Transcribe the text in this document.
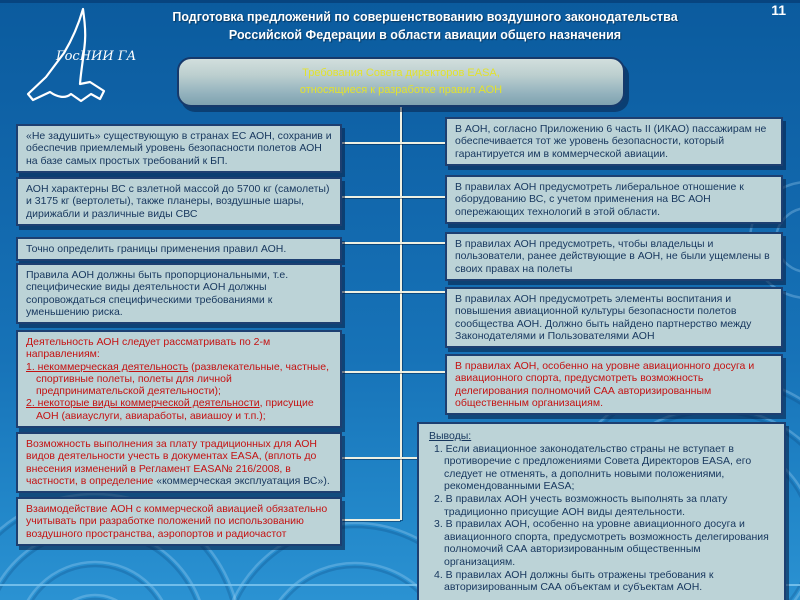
11
Подготовка предложений по совершенствованию воздушного законодательства
Российской Федерации в области авиации общего назначения
ГосНИИ ГА
Требования Совета директоров EASA,
относящиеся к разработке правил АОН
«Не задушить» существующую в странах ЕС АОН, сохранив и обеспечив приемлемый уровень безопасности полетов АОН на базе самых простых требований к БП.
АОН характерны ВС с взлетной массой до 5700 кг (самолеты) и 3175 кг (вертолеты), также планеры, воздушные шары, дирижабли и различные виды СВС
Точно определить границы применения правил АОН.
Правила АОН должны быть пропорциональными, т.е. специфические виды деятельности АОН должны сопровождаться специфическими требованиями к уменьшению риска.
Деятельность АОН следует рассматривать по 2-м направлениям:
1. некоммерческая деятельность (развлекательные, частные, спортивные полеты, полеты для личной предпринимательской деятельности);
2. некоторые виды коммерческой деятельности, присущие АОН (авиауслуги, авиаработы, авиашоу и т.п.);
Возможность выполнения за плату традиционных для АОН видов деятельности учесть в документах EASA, (вплоть до внесения изменений в Регламент EASA№ 216/2008, в частности, в определение «коммерческая эксплуатация ВС»).
Взаимодействие АОН с коммерческой авиацией обязательно учитывать при разработке положений по использованию воздушного пространства, аэропортов и радиочастот
В АОН, согласно Приложению 6 часть II (ИКАО) пассажирам не обеспечивается тот же уровень безопасности, который гарантируется им в коммерческой авиации.
В правилах АОН предусмотреть либеральное отношение к оборудованию ВС, с учетом применения на ВС АОН опережающих технологий в этой области.
В правилах АОН предусмотреть, чтобы владельцы и пользователи, ранее действующие в АОН, не были ущемлены в своих правах на полеты
В правилах АОН предусмотреть элементы воспитания и повышения авиационной культуры безопасности полетов сообщества АОН. Должно быть найдено партнерство между Законодателями и Пользователями АОН
В правилах АОН, особенно на уровне авиационного досуга и авиационного спорта, предусмотреть возможность делегирования полномочий САА авторизированным общественным организациям.
Выводы:
1. Если авиационное законодательство страны не вступает в противоречие с предложениями Совета Директоров EASA, его следует не отменять, а дополнить новыми положениями, рекомендованными EASA;
2. В правилах АОН учесть возможность выполнять за плату традиционно присущие АОН виды деятельности.
3. В правилах АОН, особенно на уровне авиационного досуга и авиационного спорта, предусмотреть возможность делегирования полномочий САА авторизированным общественным организациям.
4. В правилах АОН должны быть отражены требования к авторизированным САА объектам и субъектам АОН.
